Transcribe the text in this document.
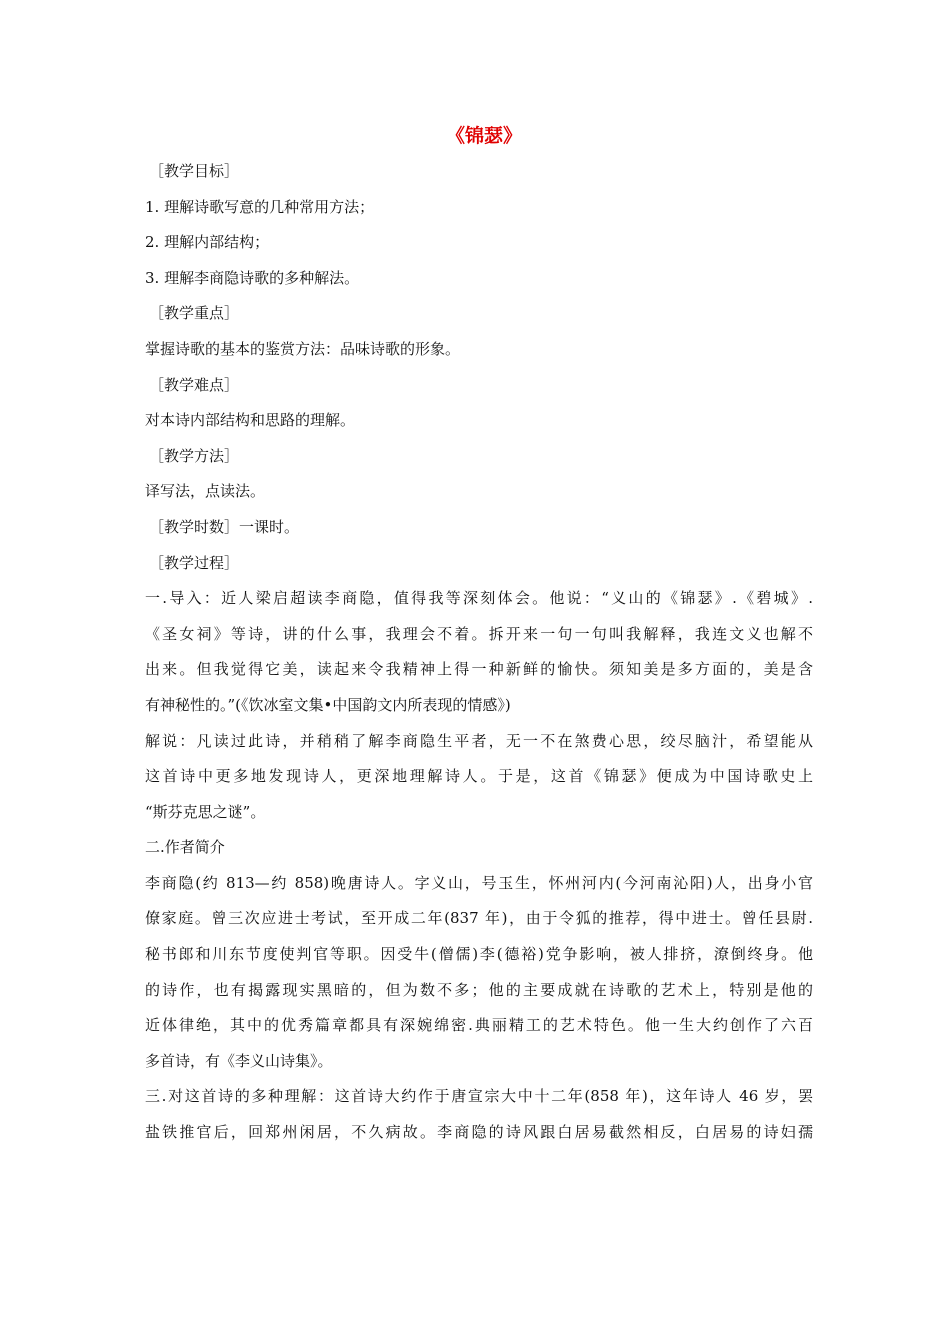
《锦瑟》
［教学目标］
1. 理解诗歌写意的几种常用方法；
2. 理解内部结构；
3. 理解李商隐诗歌的多种解法。
［教学重点］
掌握诗歌的基本的鉴赏方法：品味诗歌的形象。
［教学难点］
对本诗内部结构和思路的理解。
［教学方法］
译写法，点读法。
［教学时数］一课时。
［教学过程］
一.导入：近人梁启超读李商隐，值得我等深刻体会。他说：“义山的《锦瑟》.《碧城》.
《圣女祠》等诗，讲的什么事，我理会不着。拆开来一句一句叫我解释，我连文义也解不
出来。但我觉得它美，读起来令我精神上得一种新鲜的愉快。须知美是多方面的，美是含
有神秘性的。”(《饮冰室文集•中国韵文内所表现的情感》)
解说：凡读过此诗，并稍稍了解李商隐生平者，无一不在煞费心思，绞尽脑汁，希望能从
这首诗中更多地发现诗人，更深地理解诗人。于是，这首《锦瑟》便成为中国诗歌史上
“斯芬克思之谜”。
二.作者简介
李商隐(约 813—约 858)晚唐诗人。字义山，号玉生，怀州河内(今河南沁阳)人，出身小官
僚家庭。曾三次应进士考试，至开成二年(837 年)，由于令狐的推荐，得中进士。曾任县尉.
秘书郎和川东节度使判官等职。因受牛(僧儒)李(德裕)党争影响，被人排挤，潦倒终身。他
的诗作，也有揭露现实黑暗的，但为数不多；他的主要成就在诗歌的艺术上，特别是他的
近体律绝，其中的优秀篇章都具有深婉绵密.典丽精工的艺术特色。他一生大约创作了六百
多首诗，有《李义山诗集》。
三.对这首诗的多种理解：这首诗大约作于唐宣宗大中十二年(858 年)，这年诗人 46 岁，罢
盐铁推官后，回郑州闲居，不久病故。李商隐的诗风跟白居易截然相反，白居易的诗妇孺
